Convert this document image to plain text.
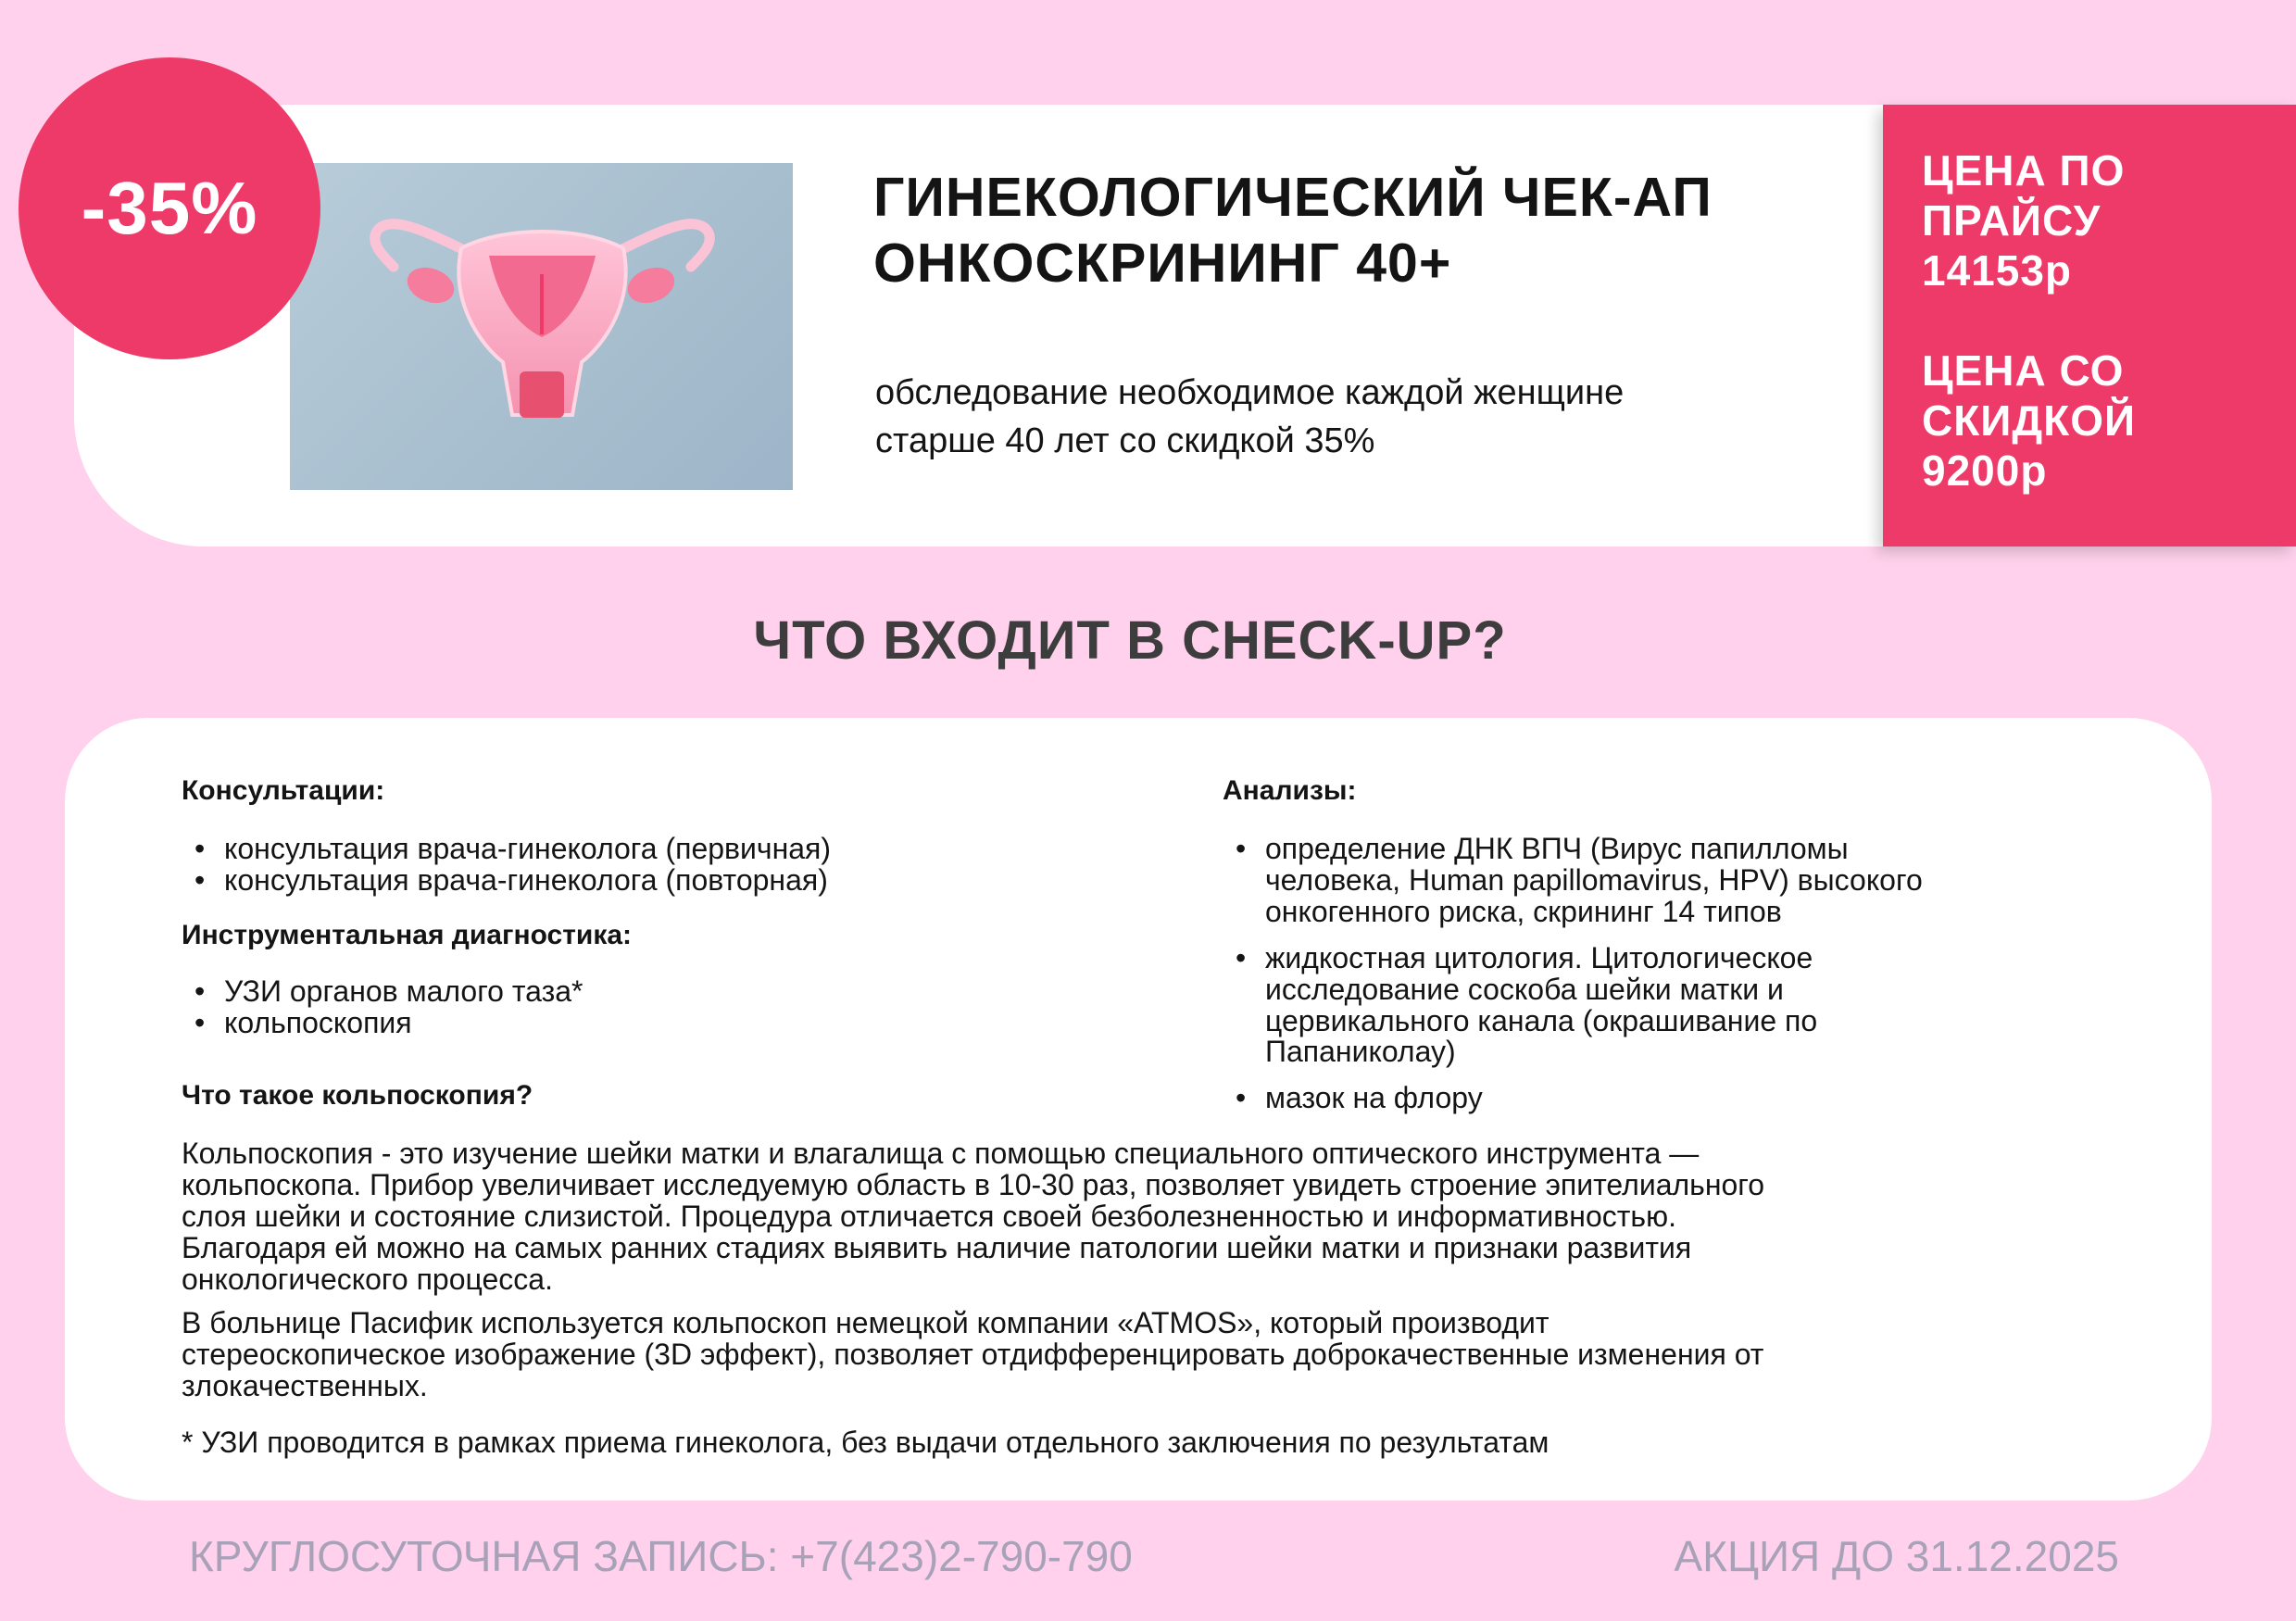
-35%	ГИНЕКОЛОГИЧЕСКИЙ ЧЕК-АП
ОНКОСКРИНИНГ 40+

обследование необходимое каждой женщине
старше 40 лет со скидкой 35%

ЦЕНА ПО
ПРАЙСУ
14153р

ЦЕНА СО
СКИДКОЙ
9200р

ЧТО ВХОДИТ В CHECK-UP?
Консультации:
• консультация врача-гинеколога (первичная)
• консультация врача-гинеколога (повторная)
Инструментальная диагностика:
• УЗИ органов малого таза*
• кольпоскопия
Анализы:
• определение ДНК ВПЧ (Вирус папилломы
человека, Human papillomavirus, HPV) высокого
онкогенного риска, скрининг 14 типов
• жидкостная цитология. Цитологическое
исследование соскоба шейки матки и
цервикального канала (окрашивание по
Папаниколау)
• мазок на флору
Что такое кольпоскопия?

Кольпоскопия - это изучение шейки матки и влагалища с помощью специального оптического инструмента —
кольпоскопа. Прибор увеличивает исследуемую область в 10-30 раз, позволяет увидеть строение эпителиального
слоя шейки и состояние слизистой. Процедура отличается своей безболезненностью и информативностью.
Благодаря ей можно на самых ранних стадиях выявить наличие патологии шейки матки и признаки развития
онкологического процесса.

В больнице Пасифик используется кольпоскоп немецкой компании «ATMOS», который производит
стереоскопическое изображение (3D эффект), позволяет отдифференцировать доброкачественные изменения от
злокачественных.

* УЗИ проводится в рамках приема гинеколога, без выдачи отдельного заключения по результатам

КРУГЛОСУТОЧНАЯ ЗАПИСЬ: +7(423)2-790-790	АКЦИЯ ДО 31.12.2025
